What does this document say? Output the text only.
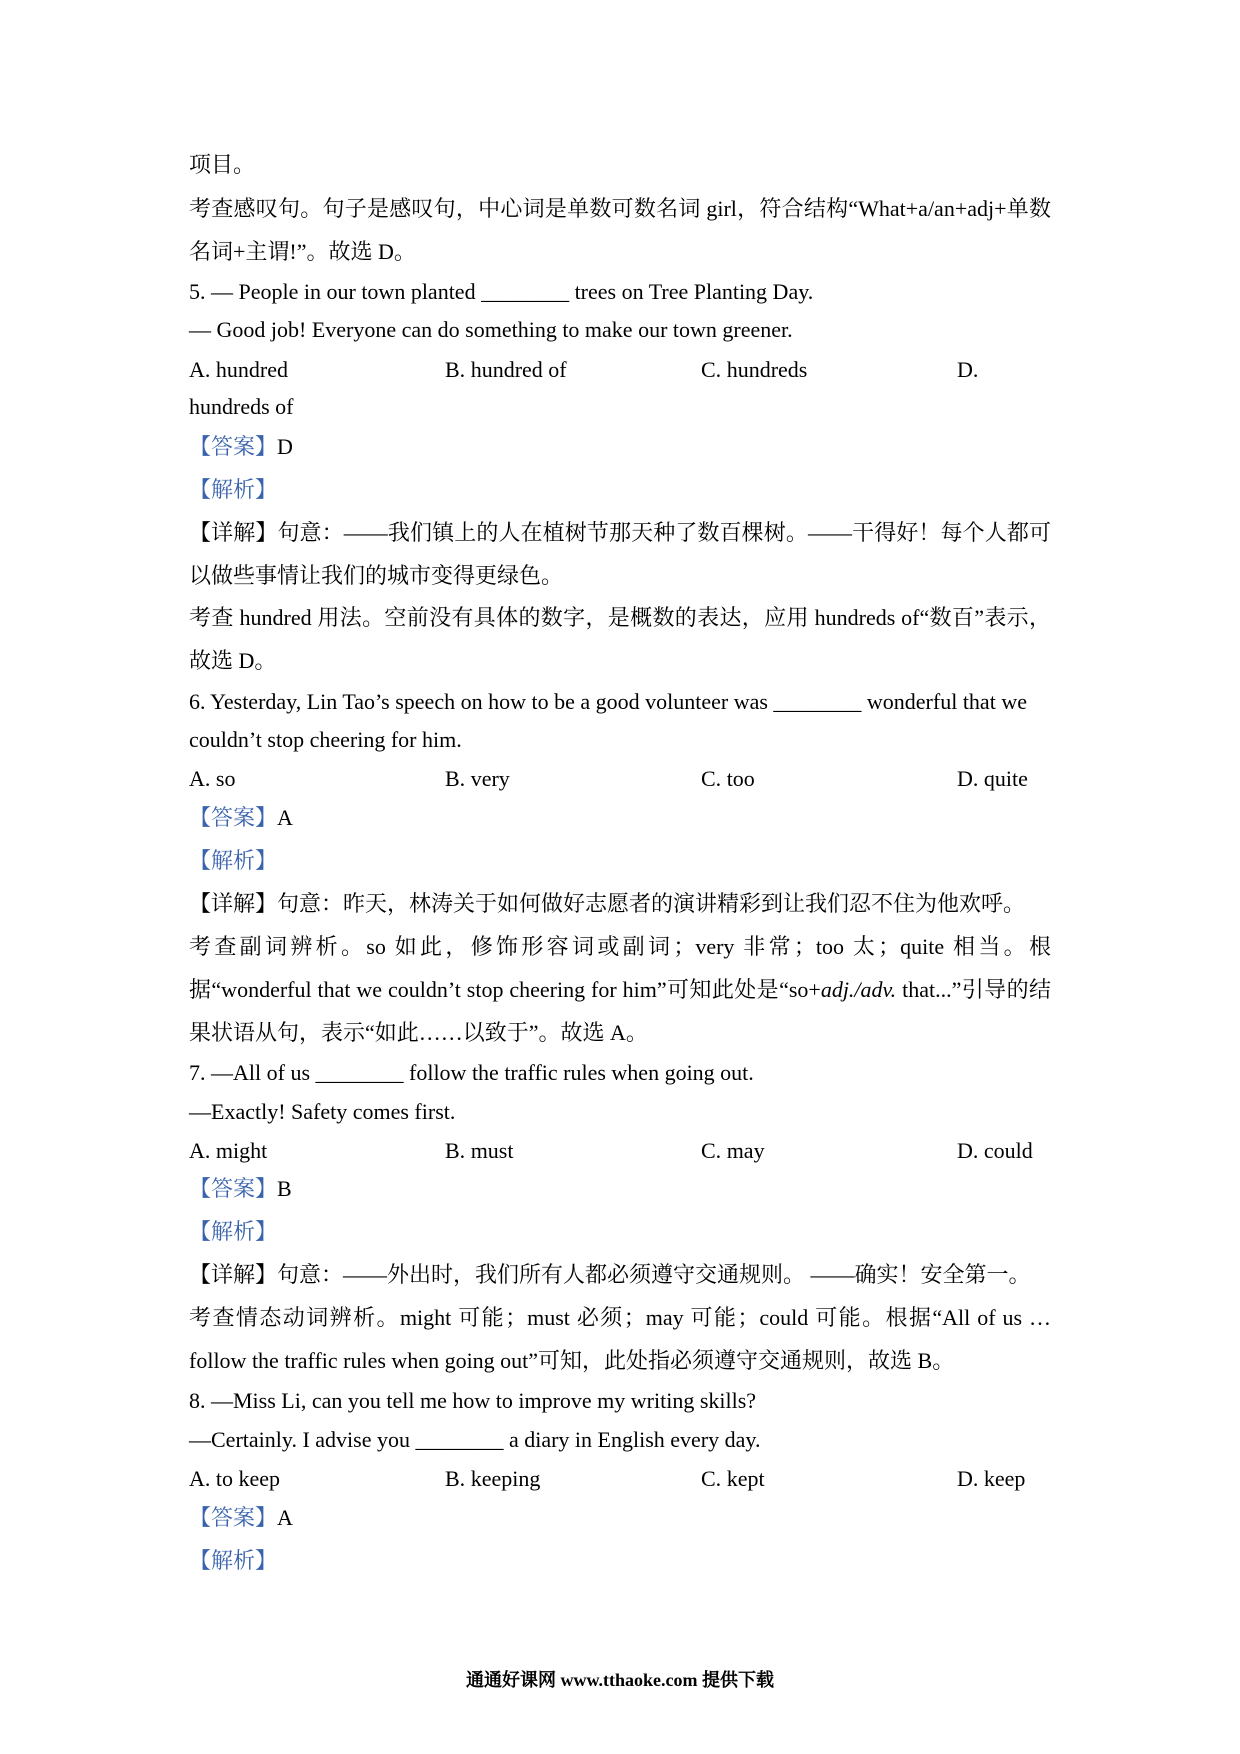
项目。
考查感叹句。句子是感叹句，中心词是单数可数名词 girl，符合结构“What+a/an+adj+单数名词+主谓!”。故选 D。
5. — People in our town planted ________ trees on Tree Planting Day.
— Good job! Everyone can do something to make our town greener.
A. hundred	B. hundred of	C. hundreds	D. hundreds of
【答案】D
【解析】
【详解】句意：——我们镇上的人在植树节那天种了数百棵树。——干得好！每个人都可以做些事情让我们的城市变得更绿色。
考查 hundred 用法。空前没有具体的数字，是概数的表达，应用 hundreds of“数百”表示，故选 D。
6. Yesterday, Lin Tao’s speech on how to be a good volunteer was ________ wonderful that we couldn’t stop cheering for him.
A. so	B. very	C. too	D. quite
【答案】A
【解析】
【详解】句意：昨天，林涛关于如何做好志愿者的演讲精彩到让我们忍不住为他欢呼。
考查副词辨析。so 如此，修饰形容词或副词；very 非常；too 太；quite 相当。根据“wonderful that we couldn’t stop cheering for him”可知此处是“so+adj./adv. that...”引导的结果状语从句，表示“如此……以致于”。故选 A。
7. —All of us ________ follow the traffic rules when going out.
—Exactly! Safety comes first.
A. might	B. must	C. may	D. could
【答案】B
【解析】
【详解】句意：——外出时，我们所有人都必须遵守交通规则。 ——确实！安全第一。
考查情态动词辨析。might 可能；must 必须；may 可能；could 可能。根据“All of us … follow the traffic rules when going out”可知，此处指必须遵守交通规则，故选 B。
8. —Miss Li, can you tell me how to improve my writing skills?
—Certainly. I advise you ________ a diary in English every day.
A. to keep	B. keeping	C. kept	D. keep
【答案】A
【解析】
通通好课网 www.tthaoke.com 提供下载
